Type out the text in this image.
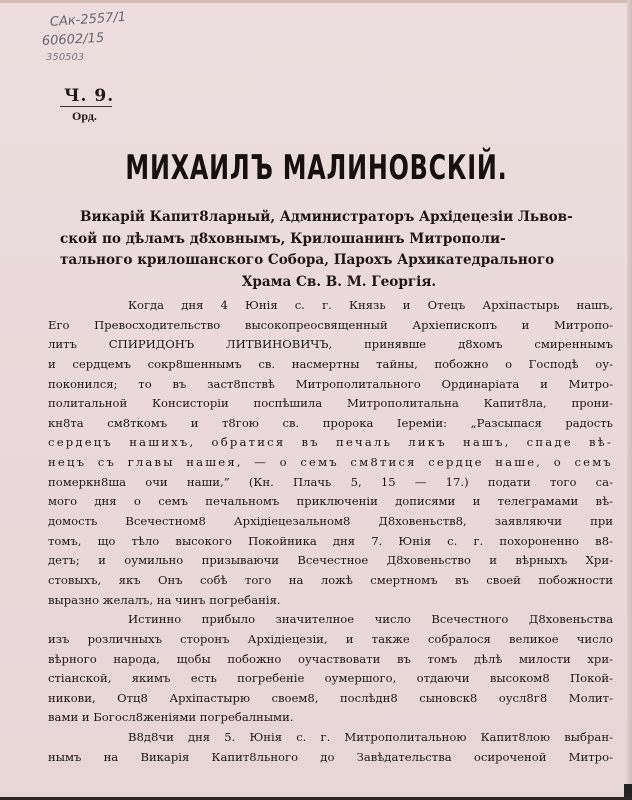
САк-2557/1
60602/15
350503
Ч. 9.
Орд.
МИХАИЛЪ МАЛИНОВСКІЙ.
Викарій Капит8ларный, Администраторъ Архідецезіи Львов-
ской по дѣламъ д8ховнымъ, Крилошанинъ Митрополи-
тального крилошанского Собора, Парохъ Архикатедрального
Храма Св. В. М. Георгія.
Когда дня 4 Юнія с. г. Князь и Отецъ Архіпастырь нашъ,
Его Превосходительство высокопреосвященный Архіепископъ и Митропо-
литъ СПИРИДОНЪ ЛИТВИНОВИЧЪ, принявше д8хомъ смиреннымъ
и сердцемъ сокр8шеннымъ св. насмертны тайны, побожно о Господѣ оу-
поконился; то въ заст8пствѣ Митрополитального Ординаріата и Митро-
политальной Консисторіи поспѣшила Митрополитальна Капит8ла, прони-
кн8та см8ткомъ и т8гою св. пророка Іереміи: „Разсыпася радость
сердецъ нашихъ, обратися въ печаль ликъ нашъ, спаде вѣ-
нецъ съ главы нашея, — о семъ см8тися сердце наше, о семъ
померкн8ша очи наши,” (Кн. Плачь 5, 15 — 17.) подати того са-
мого дня о семъ печальномъ приключеніи дописями и телеграмами вѣ-
домость Всечестном8 Архідіецезальном8 Д8ховеньств8, заявляючи при
томъ, що тѣло высокого Покойника дня 7. Юнія с. г. похороненно в8-
детъ; и оумильно призываючи Всечестное Д8ховеньство и вѣрныхъ Хри-
стовыхъ, якъ Онъ собѣ того на ложѣ смертномъ въ своей побожности
выразно желалъ, на чинъ погребанія.
Истинно прибыло значителное число Всечестного Д8ховеньства
изъ розличныхъ сторонъ Архідіецезіи, и также собралося великое число
вѣрного народа, щобы побожно оучаствовати въ томъ дѣлѣ милости хри-
стіанской, якимъ есть погребеніе оумершого, отдаючи высоком8 Покой-
никови, Отц8 Архіпастырю своем8, послѣдн8 сыновск8 оусл8г8 Молит-
вами и Богосл8женіями погребалными.
В8д8чи дня 5. Юнія с. г. Митрополитальною Капит8лою выбран-
нымъ на Викарія Капит8льного до Завѣдательства осироченой Митро-
